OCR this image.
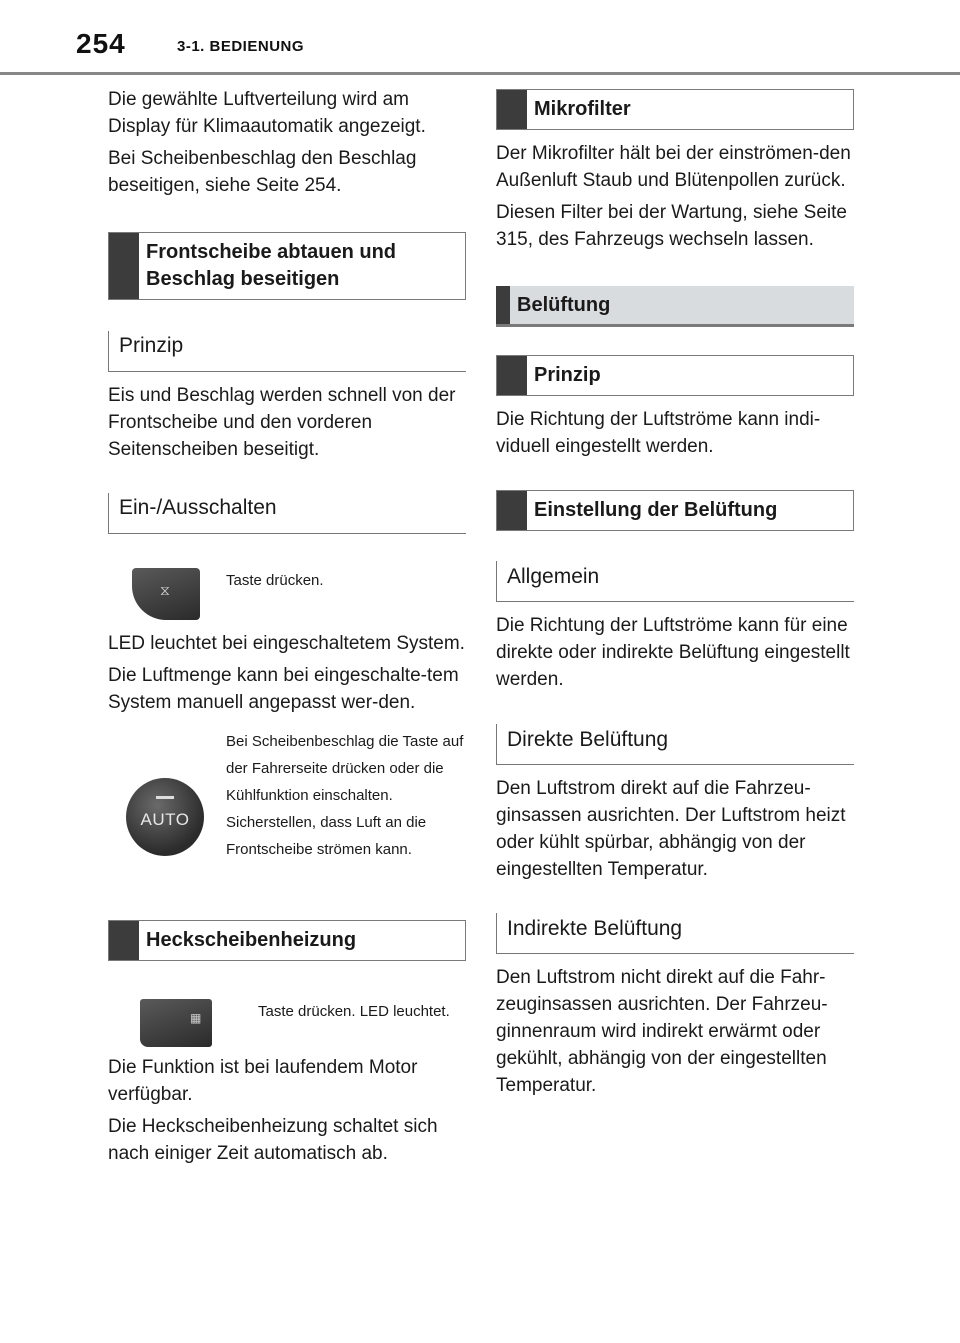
254	3-1. BEDIENUNG

Die gewählte Luftverteilung wird am Display für Klimaautomatik angezeigt.

Bei Scheibenbeschlag den Beschlag beseitigen, siehe Seite 254.

Frontscheibe abtauen und Beschlag beseitigen
Prinzip

Eis und Beschlag werden schnell von der Frontscheibe und den vorderen Seitenscheiben beseitigt.

Ein-/Ausschalten
⧖

Taste drücken.

LED leuchtet bei eingeschaltetem System.

Die Luftmenge kann bei eingeschalte-tem System manuell angepasst wer-den.

AUTO

Bei Scheibenbeschlag die Taste auf der Fahrerseite drücken oder die Kühlfunktion einschalten. Sicherstellen, dass Luft an die Frontscheibe strömen kann.

Heckscheibenheizung
▦	Taste drücken. LED leuchtet.

Die Funktion ist bei laufendem Motor verfügbar.

Die Heckscheibenheizung schaltet sich nach einiger Zeit automatisch ab.

Mikrofilter

Der Mikrofilter hält bei der einströmen-den Außenluft Staub und Blütenpollen zurück.

Diesen Filter bei der Wartung, siehe Seite 315, des Fahrzeugs wechseln lassen.

Belüftung
Prinzip

Die Richtung der Luftströme kann indi-viduell eingestellt werden.

Einstellung der Belüftung
Allgemein

Die Richtung der Luftströme kann für eine direkte oder indirekte Belüftung eingestellt werden.

Direkte Belüftung

Den Luftstrom direkt auf die Fahrzeu-ginsassen ausrichten. Der Luftstrom heizt oder kühlt spürbar, abhängig von der eingestellten Temperatur.

Indirekte Belüftung

Den Luftstrom nicht direkt auf die Fahr-zeuginsassen ausrichten. Der Fahrzeu-ginnenraum wird indirekt erwärmt oder gekühlt, abhängig von der eingestellten Temperatur.
